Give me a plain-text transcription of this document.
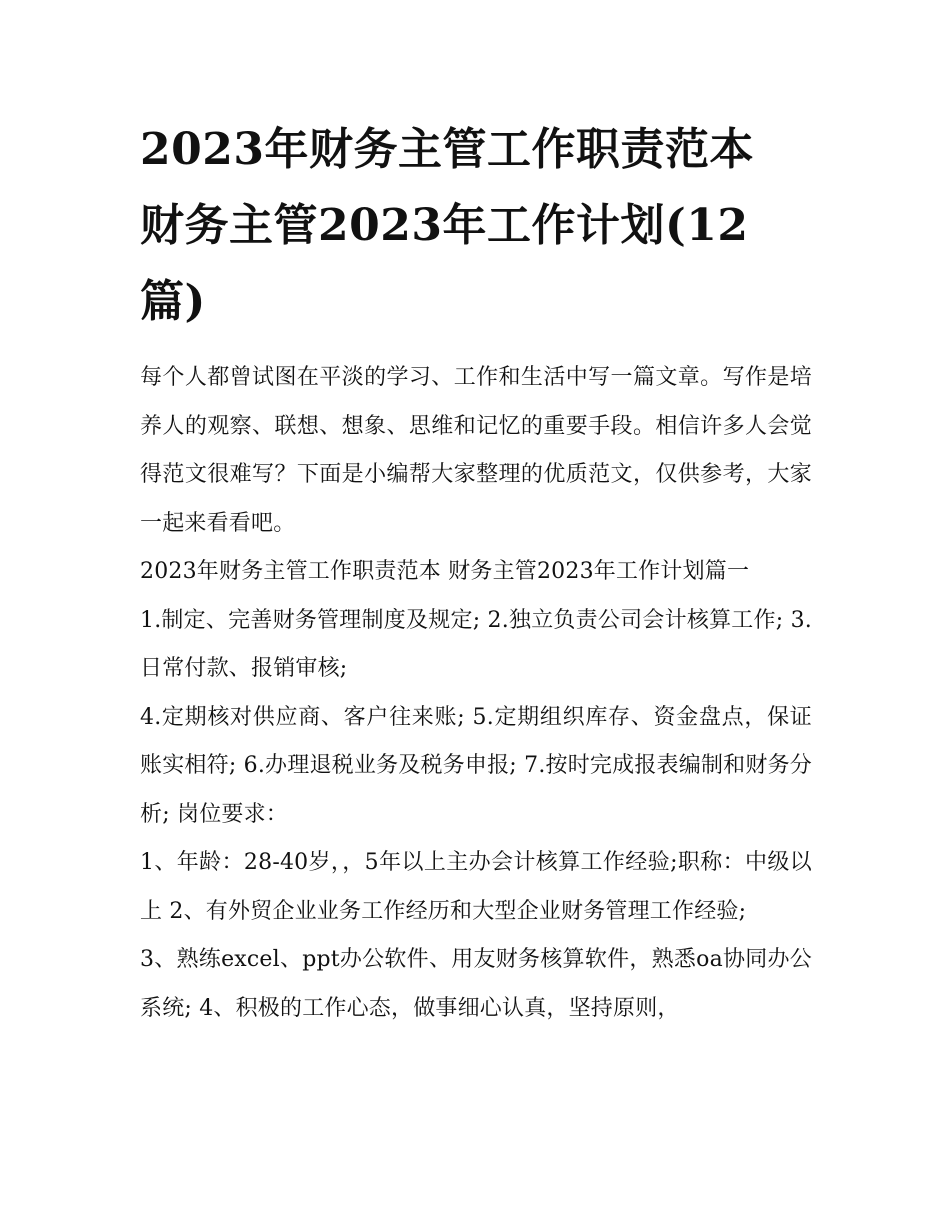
2023年财务主管工作职责范本 财务主管2023年工作计划(12篇)

每个人都曾试图在平淡的学习、工作和生活中写一篇文章。写作是培养人的观察、联想、想象、思维和记忆的重要手段。相信许多人会觉得范文很难写？下面是小编帮大家整理的优质范文，仅供参考，大家一起来看看吧。

2023年财务主管工作职责范本 财务主管2023年工作计划篇一

1.制定、完善财务管理制度及规定; 2.独立负责公司会计核算工作; 3.日常付款、报销审核;

4.定期核对供应商、客户往来账; 5.定期组织库存、资金盘点，保证账实相符; 6.办理退税业务及税务申报; 7.按时完成报表编制和财务分析; 岗位要求：

1、年龄：28-40岁，，5年以上主办会计核算工作经验;职称：中级以上 2、有外贸企业业务工作经历和大型企业财务管理工作经验;

3、熟练excel、ppt办公软件、用友财务核算软件，熟悉oa协同办公系统; 4、积极的工作心态，做事细心认真，坚持原则，
